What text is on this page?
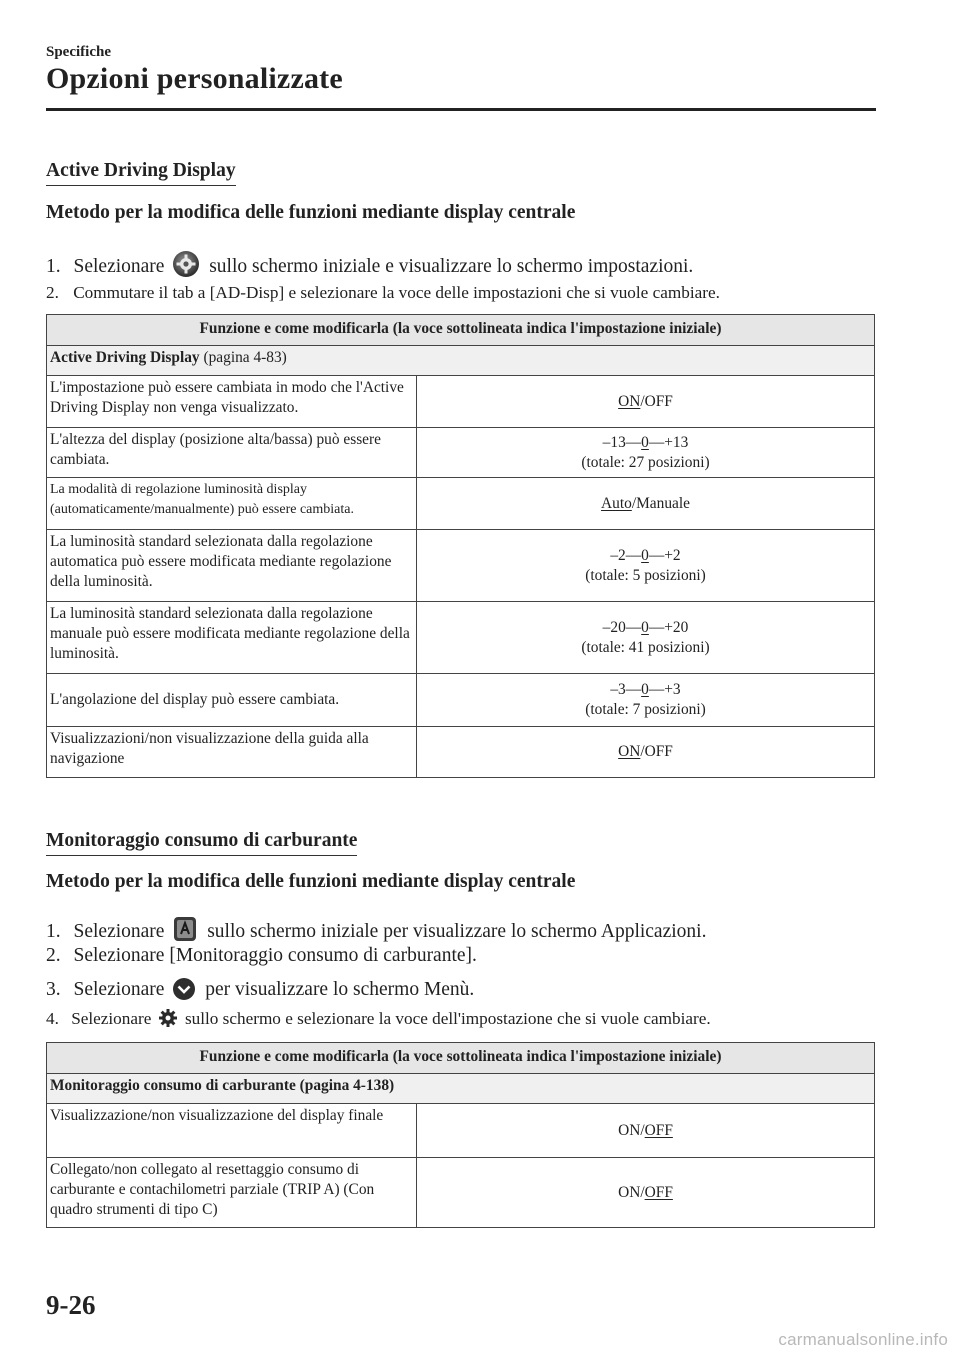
Specifiche
Opzioni personalizzate
Active Driving Display
Metodo per la modifica delle funzioni mediante display centrale
1. Selezionare sullo schermo iniziale e visualizzare lo schermo impostazioni.
2. Commutare il tab a [AD-Disp] e selezionare la voce delle impostazioni che si vuole cambiare.
Funzione e come modificarla (la voce sottolineata indica l'impostazione iniziale)	
Active Driving Display (pagina 4-83)	
L'impostazione può essere cambiata in modo che l'Active Driving Display non venga visualizzato.	ON/OFF

L'altezza del display (posizione alta/bassa) può essere cambiata.	–13—0—+13
(totale: 27 posizioni)
La modalità di regolazione luminosità display (automaticamente/manualmente) può essere cambiata.	Auto/Manuale

La luminosità standard selezionata dalla regolazione automatica può essere modificata mediante regolazione della luminosità.	–2—0—+2
(totale: 5 posizioni)
La luminosità standard selezionata dalla regolazione manuale può essere modificata mediante regolazione della luminosità.	–20—0—+20
(totale: 41 posizioni)
L'angolazione del display può essere cambiata.	–3—0—+3
(totale: 7 posizioni)
Visualizzazioni/non visualizzazione della guida alla navigazione	ON/OFF

Monitoraggio consumo di carburante
Metodo per la modifica delle funzioni mediante display centrale
1. Selezionare sullo schermo iniziale per visualizzare lo schermo Applicazioni.
2. Selezionare [Monitoraggio consumo di carburante].
3. Selezionare per visualizzare lo schermo Menù.
4. Selezionare sullo schermo e selezionare la voce dell'impostazione che si vuole cambiare.
Funzione e come modificarla (la voce sottolineata indica l'impostazione iniziale)	
Monitoraggio consumo di carburante (pagina 4-138)	
Visualizzazione/non visualizzazione del display finale	ON/OFF
Collegato/non collegato al resettaggio consumo di carburante e contachilometri parziale (TRIP A) (Con quadro strumenti di tipo C)	ON/OFF
9-26
carmanualsonline.info
